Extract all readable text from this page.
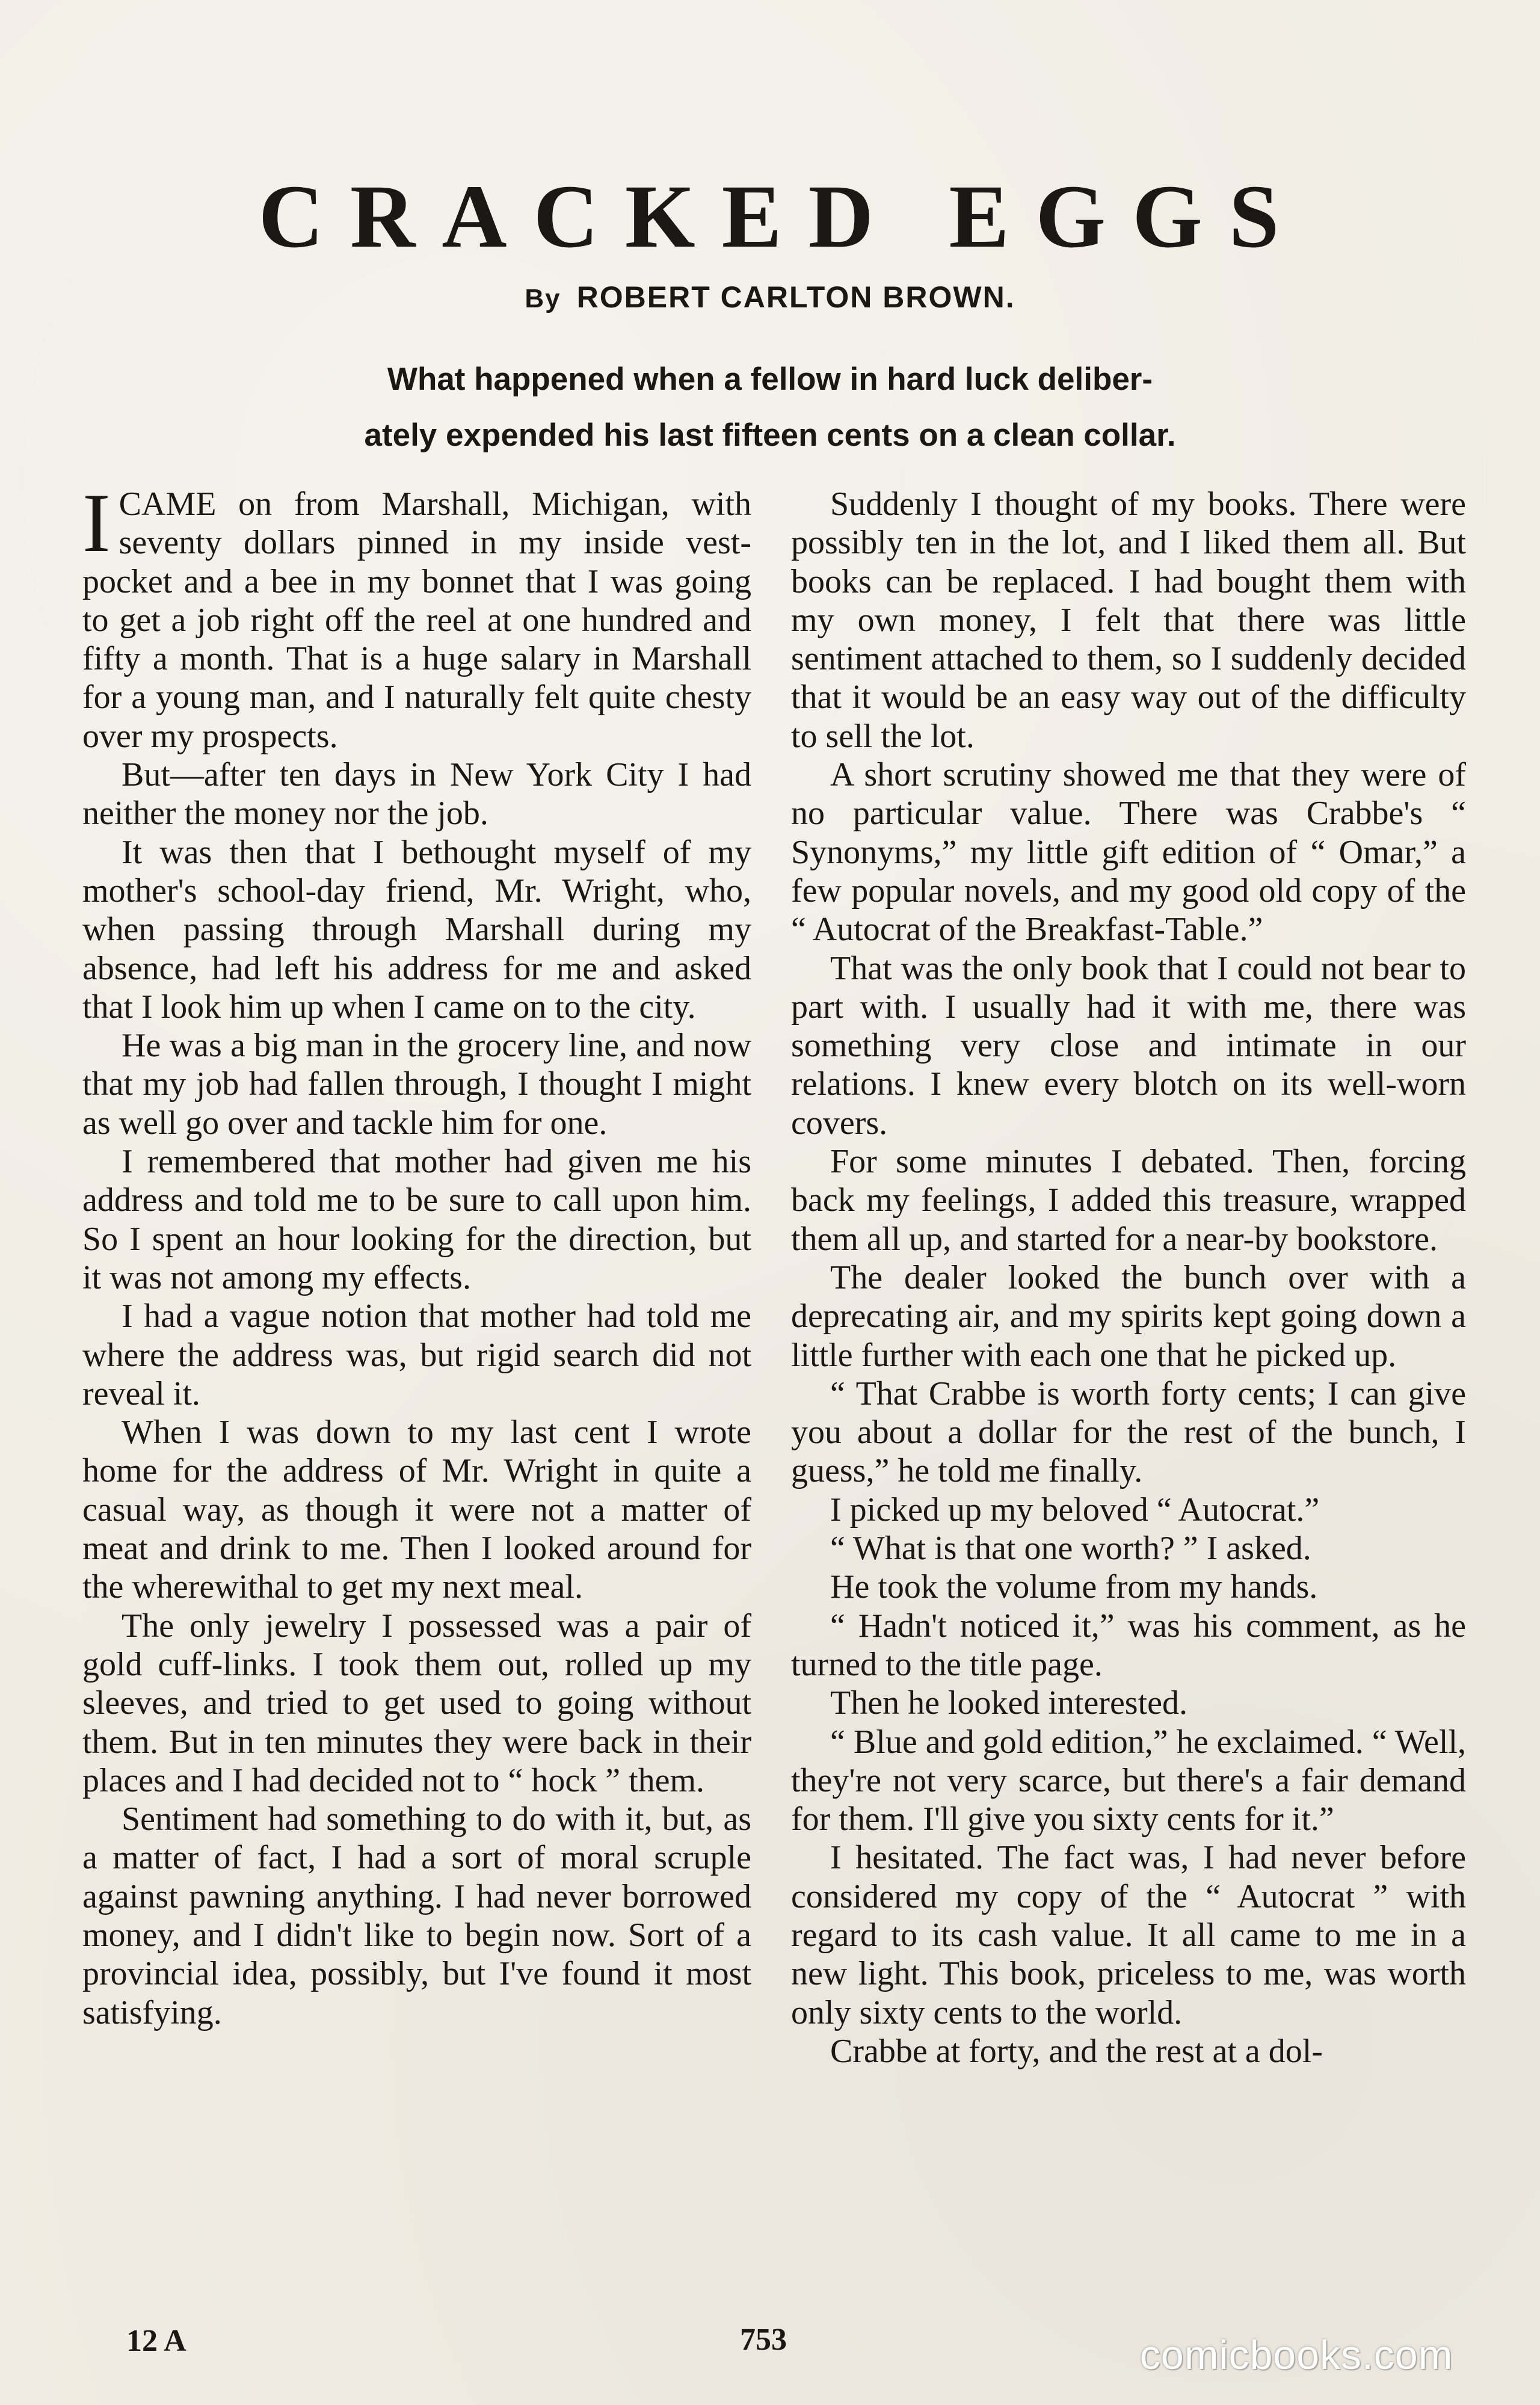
CRACKED EGGS
By ROBERT CARLTON BROWN.
What happened when a fellow in hard luck deliber-
ately expended his last fifteen cents on a clean collar.

ICAME on from Marshall, Michigan, with seventy dollars pinned in my inside vest-pocket and a bee in my bonnet that I was going to get a job right off the reel at one hundred and fifty a month. That is a huge salary in Marshall for a young man, and I naturally felt quite chesty over my prospects.

But—after ten days in New York City I had neither the money nor the job.

It was then that I bethought myself of my mother's school-day friend, Mr. Wright, who, when passing through Marshall during my absence, had left his address for me and asked that I look him up when I came on to the city.

He was a big man in the grocery line, and now that my job had fallen through, I thought I might as well go over and tackle him for one.

I remembered that mother had given me his address and told me to be sure to call upon him. So I spent an hour looking for the direction, but it was not among my effects.

I had a vague notion that mother had told me where the address was, but rigid search did not reveal it.

When I was down to my last cent I wrote home for the address of Mr. Wright in quite a casual way, as though it were not a matter of meat and drink to me. Then I looked around for the wherewithal to get my next meal.

The only jewelry I possessed was a pair of gold cuff-links. I took them out, rolled up my sleeves, and tried to get used to going without them. But in ten minutes they were back in their places and I had decided not to “ hock ” them.

Sentiment had something to do with it, but, as a matter of fact, I had a sort of moral scruple against pawning anything. I had never borrowed money, and I didn't like to begin now. Sort of a provincial idea, possibly, but I've found it most satisfying.

Suddenly I thought of my books. There were possibly ten in the lot, and I liked them all. But books can be replaced. I had bought them with my own money, I felt that there was little sentiment attached to them, so I suddenly decided that it would be an easy way out of the difficulty to sell the lot.

A short scrutiny showed me that they were of no particular value. There was Crabbe's “ Synonyms,” my little gift edition of “ Omar,” a few popular novels, and my good old copy of the “ Autocrat of the Breakfast-Table.”

That was the only book that I could not bear to part with. I usually had it with me, there was something very close and intimate in our relations. I knew every blotch on its well-worn covers.

For some minutes I debated. Then, forcing back my feelings, I added this treasure, wrapped them all up, and started for a near-by bookstore.

The dealer looked the bunch over with a deprecating air, and my spirits kept going down a little further with each one that he picked up.

“ That Crabbe is worth forty cents; I can give you about a dollar for the rest of the bunch, I guess,” he told me finally.

I picked up my beloved “ Autocrat.”

“ What is that one worth? ” I asked.

He took the volume from my hands.

“ Hadn't noticed it,” was his comment, as he turned to the title page.

Then he looked interested.

“ Blue and gold edition,” he exclaimed. “ Well, they're not very scarce, but there's a fair demand for them. I'll give you sixty cents for it.”

I hesitated. The fact was, I had never before considered my copy of the “ Autocrat ” with regard to its cash value. It all came to me in a new light. This book, priceless to me, was worth only sixty cents to the world.

Crabbe at forty, and the rest at a dol-

12 A	753	comicbooks.com
